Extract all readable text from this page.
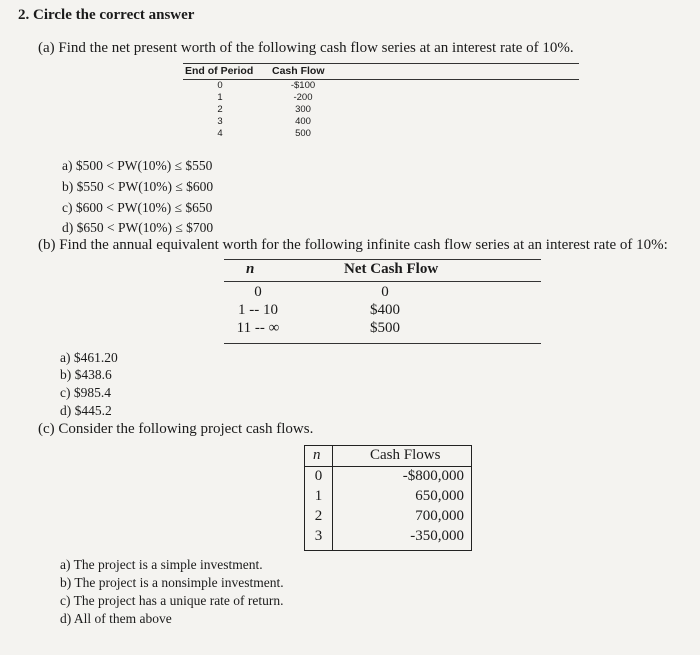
2. Circle the correct answer
(a) Find the net present worth of the following cash flow series at an interest rate of 10%.
End of Period Cash Flow
0
1
2
3
4
-$100
-200
300
400
500
a) $500 < PW(10%) ≤ $550
b) $550 < PW(10%) ≤ $600
c) $600 < PW(10%) ≤ $650
d) $650 < PW(10%) ≤ $700
(b) Find the annual equivalent worth for the following infinite cash flow series at an interest rate of 10%:
n	Net Cash Flow
0
1 -- 10
11 -- ∞
0
$400
$500
a) $461.20
b) $438.6
c) $985.4
d) $445.2
(c) Consider the following project cash flows.
n	Cash Flows
0
1
2
3
-$800,000
650,000
700,000
-350,000
a) The project is a simple investment.
b) The project is a nonsimple investment.
c) The project has a unique rate of return.
d) All of them above
